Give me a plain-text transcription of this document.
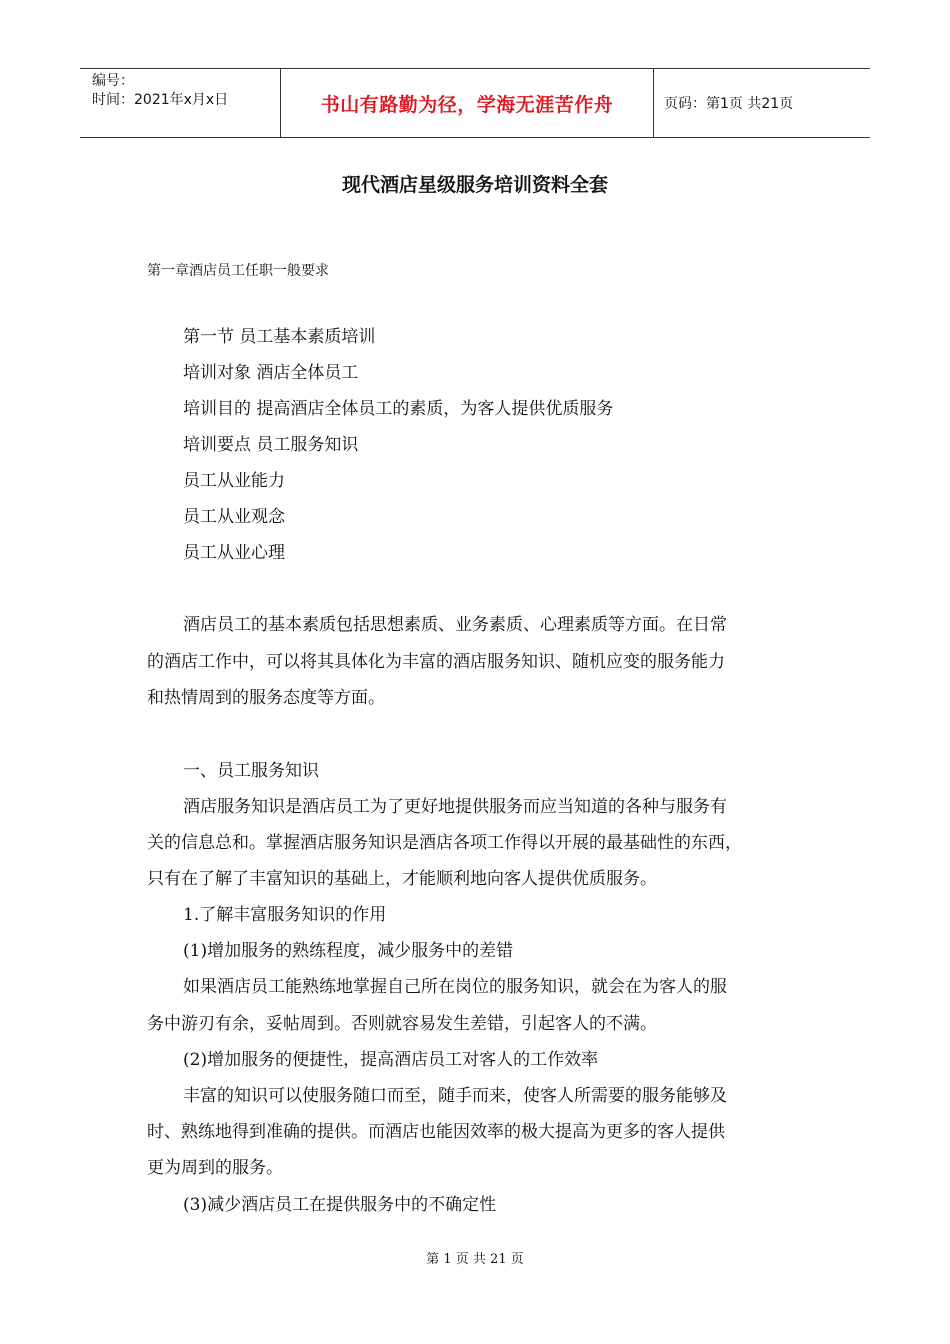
编号：
时间：2021年x月x日	书山有路勤为径，学海无涯苦作舟	页码：第1页 共21页
现代酒店星级服务培训资料全套
第一章酒店员工任职一般要求
第一节 员工基本素质培训
培训对象 酒店全体员工
培训目的 提高酒店全体员工的素质，为客人提供优质服务
培训要点 员工服务知识
员工从业能力
员工从业观念
员工从业心理
酒店员工的基本素质包括思想素质、业务素质、心理素质等方面。在日常
的酒店工作中，可以将其具体化为丰富的酒店服务知识、随机应变的服务能力
和热情周到的服务态度等方面。
一、员工服务知识
酒店服务知识是酒店员工为了更好地提供服务而应当知道的各种与服务有
关的信息总和。掌握酒店服务知识是酒店各项工作得以开展的最基础性的东西，
只有在了解了丰富知识的基础上，才能顺利地向客人提供优质服务。
1.了解丰富服务知识的作用
(1)增加服务的熟练程度，减少服务中的差错
如果酒店员工能熟练地掌握自己所在岗位的服务知识，就会在为客人的服
务中游刃有余，妥帖周到。否则就容易发生差错，引起客人的不满。
(2)增加服务的便捷性，提高酒店员工对客人的工作效率
丰富的知识可以使服务随口而至，随手而来，使客人所需要的服务能够及
时、熟练地得到准确的提供。而酒店也能因效率的极大提高为更多的客人提供
更为周到的服务。
(3)减少酒店员工在提供服务中的不确定性
第 1 页 共 21 页
